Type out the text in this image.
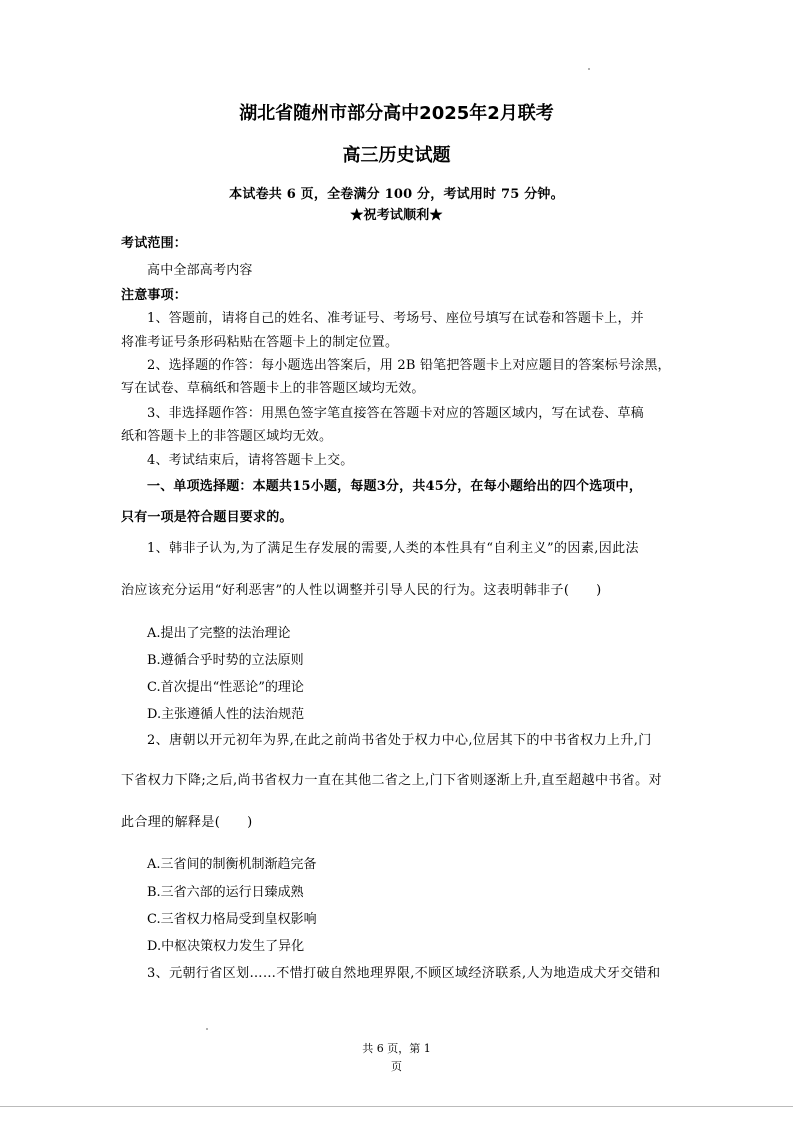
湖北省随州市部分高中2025年2月联考
高三历史试题
本试卷共 6 页，全卷满分 100 分，考试用时 75 分钟。
★祝考试顺利★
考试范围：
高中全部高考内容
注意事项：
1、答题前，请将自己的姓名、准考证号、考场号、座位号填写在试卷和答题卡上，并
将准考证号条形码粘贴在答题卡上的制定位置。
2、选择题的作答：每小题选出答案后，用 2B 铅笔把答题卡上对应题目的答案标号涂黑，
写在试卷、草稿纸和答题卡上的非答题区域均无效。
3、非选择题作答：用黑色签字笔直接答在答题卡对应的答题区域内，写在试卷、草稿
纸和答题卡上的非答题区域均无效。
4、考试结束后，请将答题卡上交。
一、单项选择题：本题共15小题，每题3分，共45分，在每小题给出的四个选项中，
只有一项是符合题目要求的。
1、韩非子认为,为了满足生存发展的需要,人类的本性具有“自利主义”的因素,因此法
治应该充分运用“好利恶害”的人性以调整并引导人民的行为。这表明韩非子(　　)
A.提出了完整的法治理论
B.遵循合乎时势的立法原则
C.首次提出“性恶论”的理论
D.主张遵循人性的法治规范
2、唐朝以开元初年为界,在此之前尚书省处于权力中心,位居其下的中书省权力上升,门
下省权力下降;之后,尚书省权力一直在其他二省之上,门下省则逐渐上升,直至超越中书省。对
此合理的解释是(　　)
A.三省间的制衡机制渐趋完备
B.三省六部的运行日臻成熟
C.三省权力格局受到皇权影响
D.中枢决策权力发生了异化
3、元朝行省区划……不惜打破自然地理界限,不顾区域经济联系,人为地造成犬牙交错和
共 6 页，第 1
页
